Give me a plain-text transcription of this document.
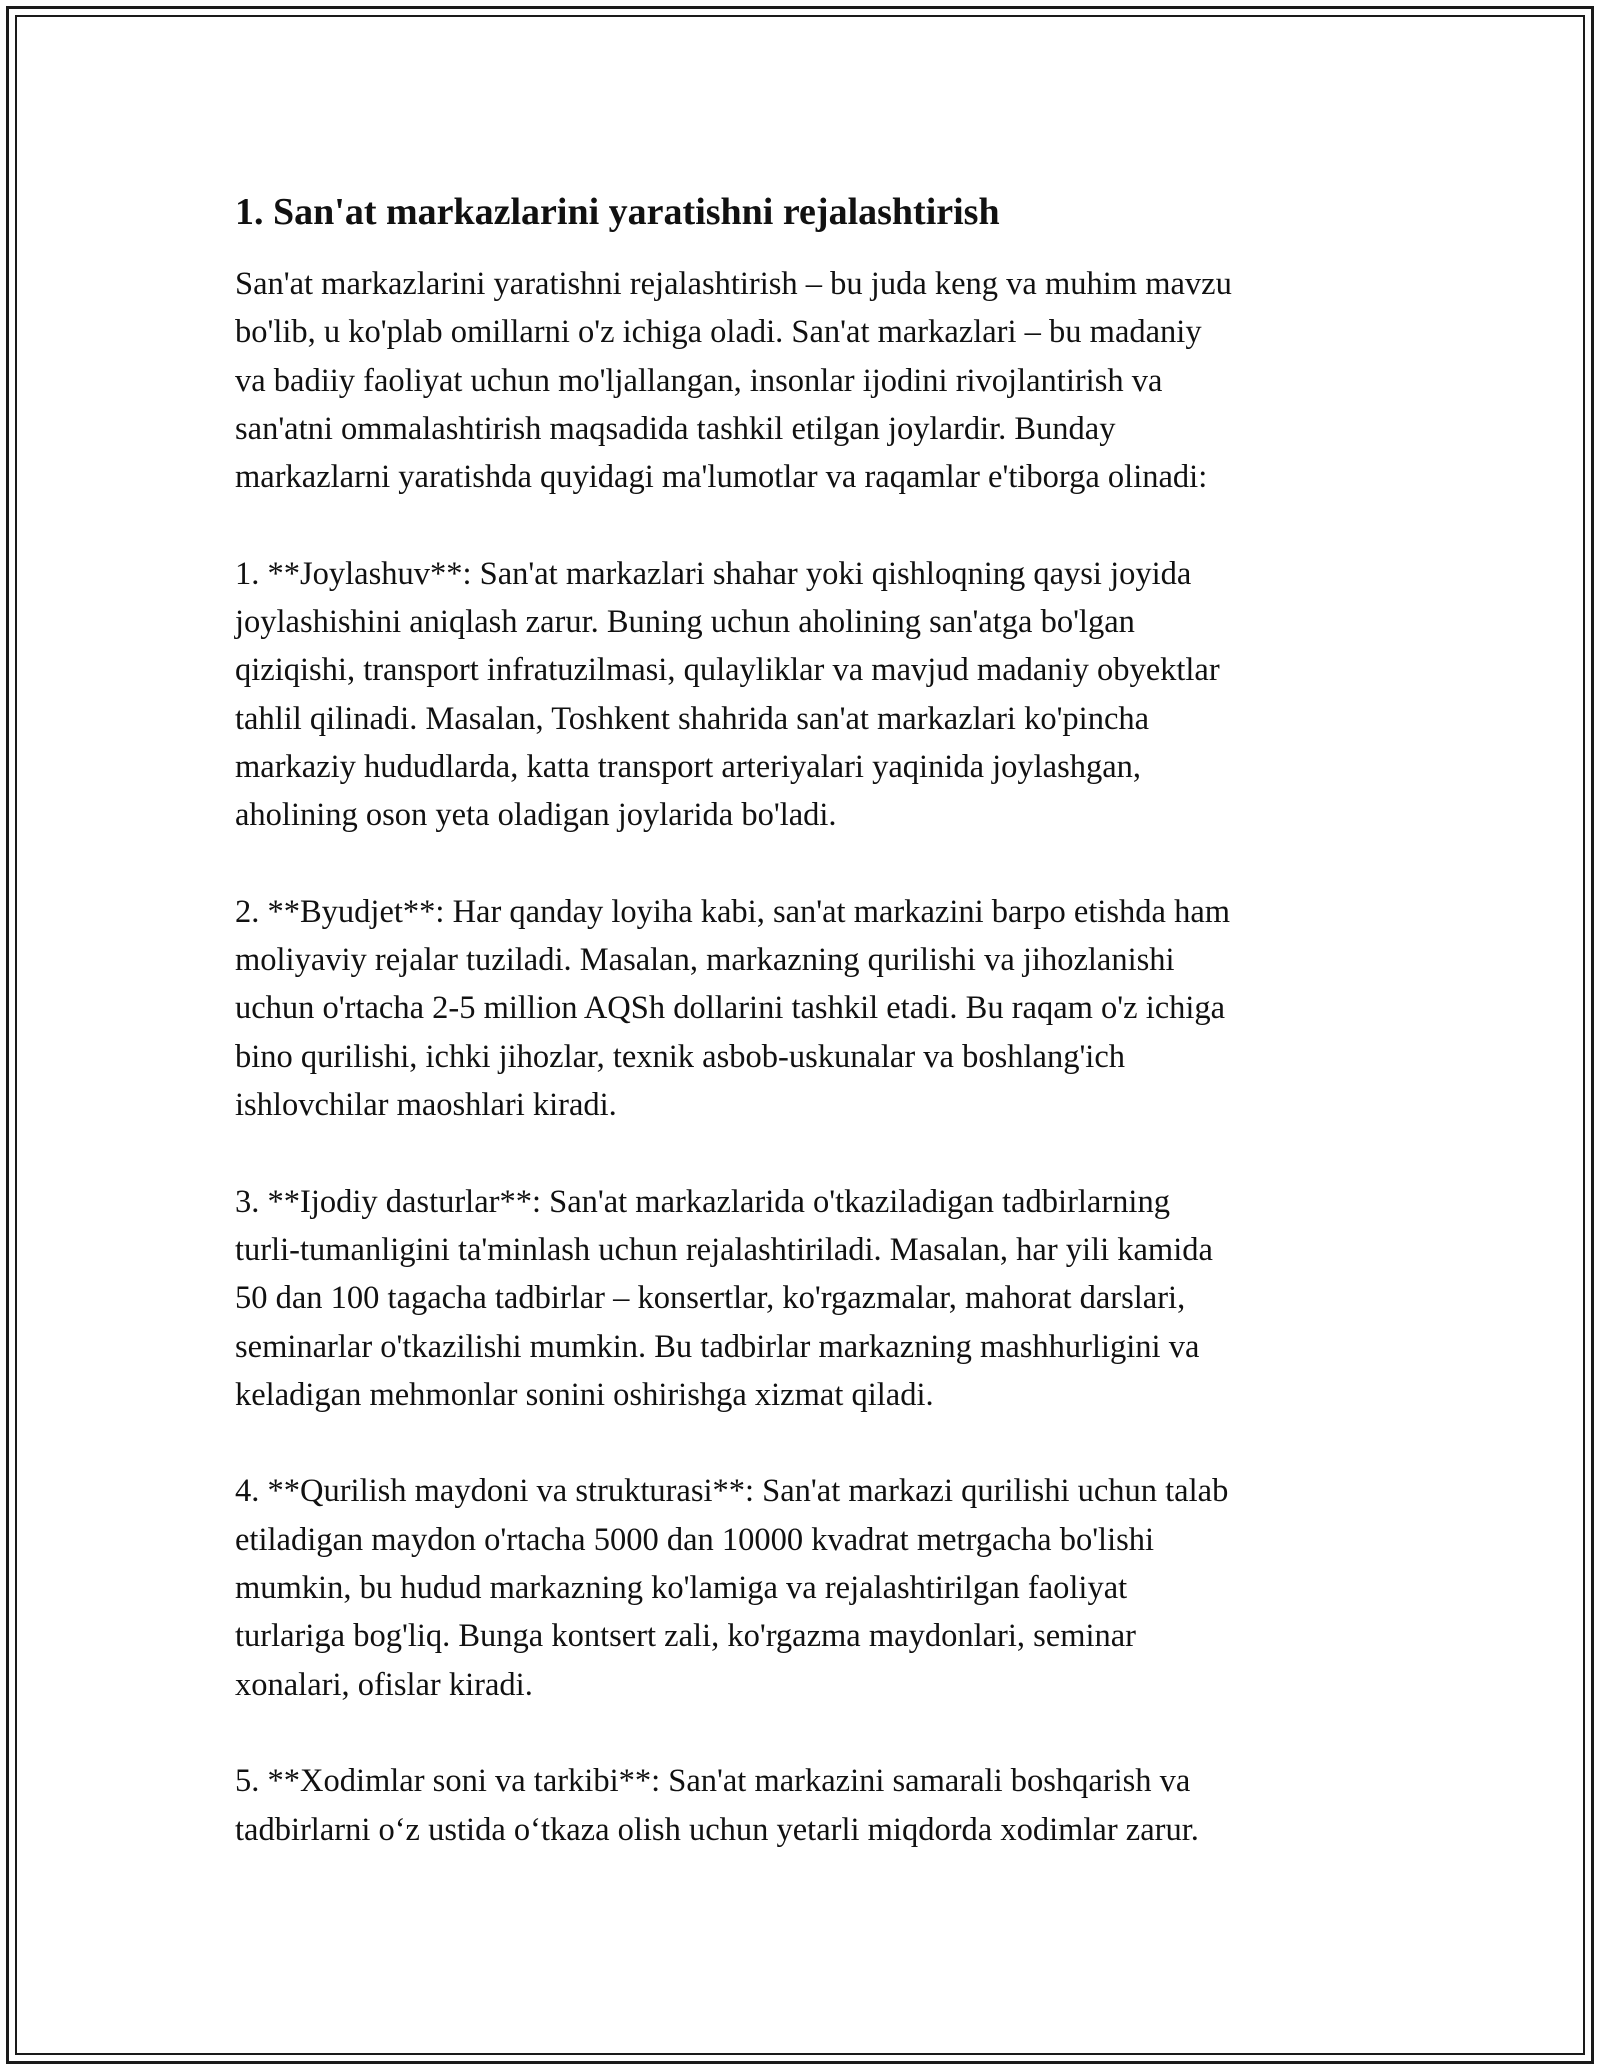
1. San'at markazlarini yaratishni rejalashtirish

San'at markazlarini yaratishni rejalashtirish – bu juda keng va muhim mavzu
bo'lib, u ko'plab omillarni o'z ichiga oladi. San'at markazlari – bu madaniy
va badiiy faoliyat uchun mo'ljallangan, insonlar ijodini rivojlantirish va
san'atni ommalashtirish maqsadida tashkil etilgan joylardir. Bunday
markazlarni yaratishda quyidagi ma'lumotlar va raqamlar e'tiborga olinadi:

1. **Joylashuv**: San'at markazlari shahar yoki qishloqning qaysi joyida
joylashishini aniqlash zarur. Buning uchun aholining san'atga bo'lgan
qiziqishi, transport infratuzilmasi, qulayliklar va mavjud madaniy obyektlar
tahlil qilinadi. Masalan, Toshkent shahrida san'at markazlari ko'pincha
markaziy hududlarda, katta transport arteriyalari yaqinida joylashgan,
aholining oson yeta oladigan joylarida bo'ladi.

2. **Byudjet**: Har qanday loyiha kabi, san'at markazini barpo etishda ham
moliyaviy rejalar tuziladi. Masalan, markazning qurilishi va jihozlanishi
uchun o'rtacha 2-5 million AQSh dollarini tashkil etadi. Bu raqam o'z ichiga
bino qurilishi, ichki jihozlar, texnik asbob-uskunalar va boshlang'ich
ishlovchilar maoshlari kiradi.

3. **Ijodiy dasturlar**: San'at markazlarida o'tkaziladigan tadbirlarning
turli-tumanligini ta'minlash uchun rejalashtiriladi. Masalan, har yili kamida
50 dan 100 tagacha tadbirlar – konsertlar, ko'rgazmalar, mahorat darslari,
seminarlar o'tkazilishi mumkin. Bu tadbirlar markazning mashhurligini va
keladigan mehmonlar sonini oshirishga xizmat qiladi.

4. **Qurilish maydoni va strukturasi**: San'at markazi qurilishi uchun talab
etiladigan maydon o'rtacha 5000 dan 10000 kvadrat metrgacha bo'lishi
mumkin, bu hudud markazning ko'lamiga va rejalashtirilgan faoliyat
turlariga bog'liq. Bunga kontsert zali, ko'rgazma maydonlari, seminar
xonalari, ofislar kiradi.

5. **Xodimlar soni va tarkibi**: San'at markazini samarali boshqarish va
tadbirlarni o‘z ustida o‘tkaza olish uchun yetarli miqdorda xodimlar zarur.
